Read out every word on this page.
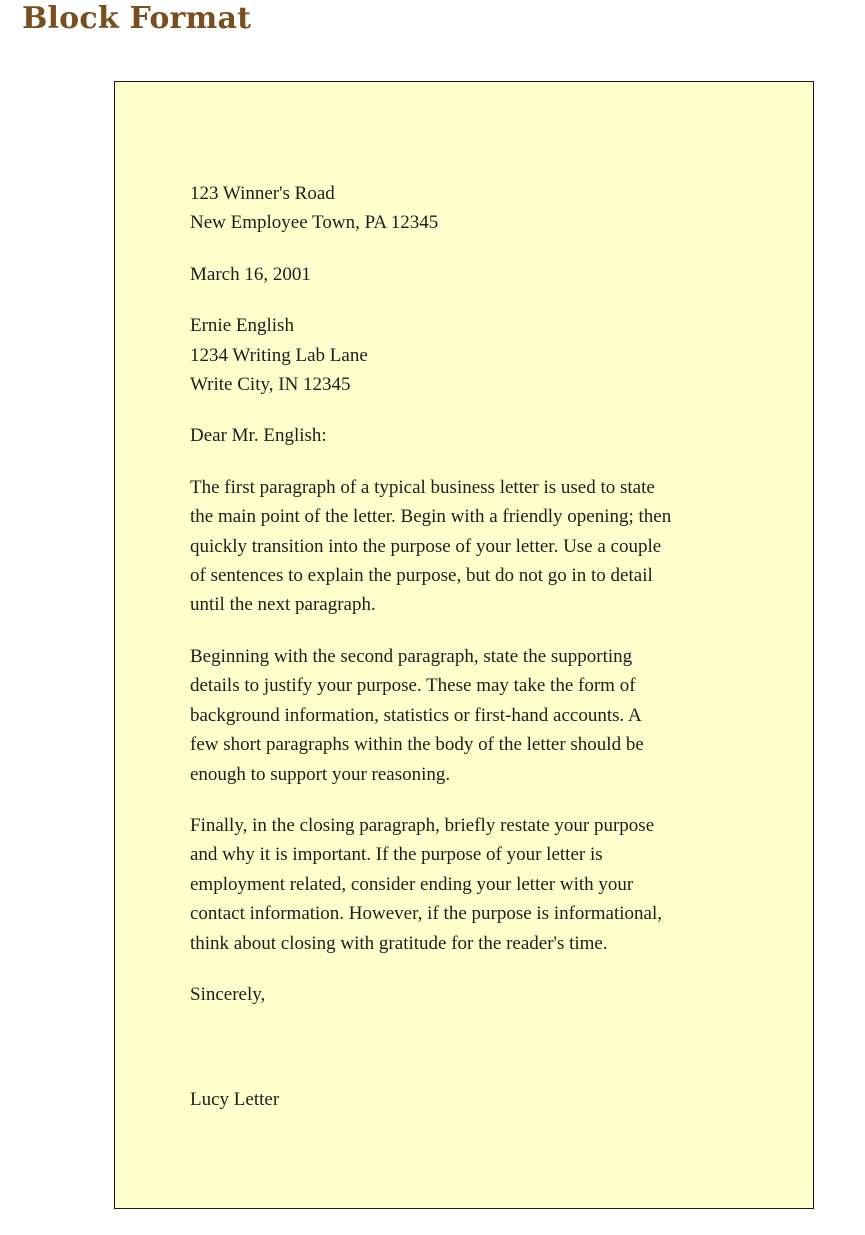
Block Format
123 Winner's Road
New Employee Town, PA 12345
March 16, 2001
Ernie English
1234 Writing Lab Lane
Write City, IN 12345
Dear Mr. English:
The first paragraph of a typical business letter is used to state
the main point of the letter. Begin with a friendly opening; then
quickly transition into the purpose of your letter. Use a couple
of sentences to explain the purpose, but do not go in to detail
until the next paragraph.
Beginning with the second paragraph, state the supporting
details to justify your purpose. These may take the form of
background information, statistics or first-hand accounts. A
few short paragraphs within the body of the letter should be
enough to support your reasoning.
Finally, in the closing paragraph, briefly restate your purpose
and why it is important. If the purpose of your letter is
employment related, consider ending your letter with your
contact information. However, if the purpose is informational,
think about closing with gratitude for the reader's time.
Sincerely,

Lucy Letter
